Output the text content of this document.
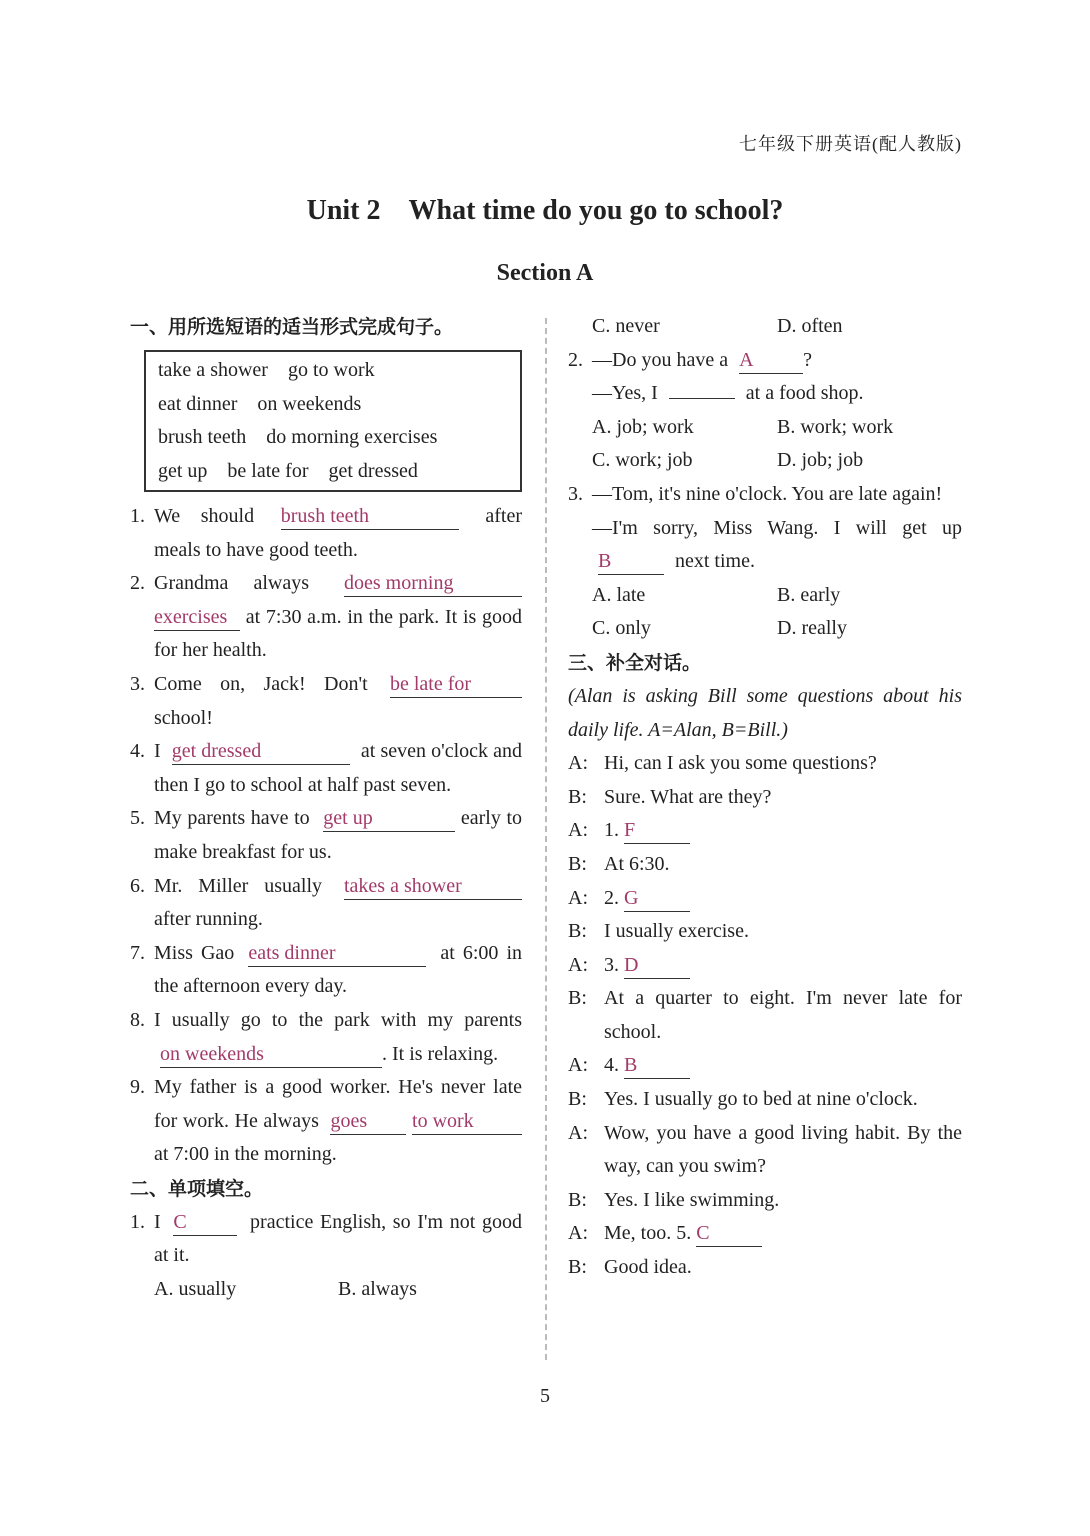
七年级下册英语(配人教版)
Unit 2　What time do you go to school?
Section A
一、用所选短语的适当形式完成句子。
take a shower　go to work
eat dinner　on weekends
brush teeth　do morning exercises
get up　be late for　get dressed
1. We should brush teeth	after meals to have good teeth.
2. Grandma always does morning exercises at 7:30 a.m. in the park. It is good for her health.
3. Come on, Jack! Don't be late for school!
4. I get dressed	at seven o'clock and then I go to school at half past seven.
5. My parents have to get up	early to make breakfast for us.
6. Mr. Miller usually takes a shower after running.
7. Miss Gao eats dinner	at 6:00 in the afternoon every day.
8. I usually go to the park with my parents on weekends	. It is relaxing.
9. My father is a good worker. He's never late for work. He always goes to work at 7:00 in the morning.
二、单项填空。
1. I C	practice English, so I'm not good at it.
A. usually	B. always
C. never	D. often
2. —Do you have a A ?
—Yes, I	at a food shop.
A. job; work	B. work; work
C. work; job	D. job; job
3. —Tom, it's nine o'clock. You are late again!
—I'm sorry, Miss Wang. I will get up B	next time.
A. late	B. early
C. only	D. really
三、补全对话。
(Alan is asking Bill some questions about his daily life. A=Alan, B=Bill.)
A: Hi, can I ask you some questions?
B: Sure. What are they?
A: 1. F
B: At 6:30.
A: 2. G
B: I usually exercise.
A: 3. D
B: At a quarter to eight. I'm never late for school.
A: 4. B
B: Yes. I usually go to bed at nine o'clock.
A: Wow, you have a good living habit. By the way, can you swim?
B: Yes. I like swimming.
A: Me, too. 5. C
B: Good idea.
5
